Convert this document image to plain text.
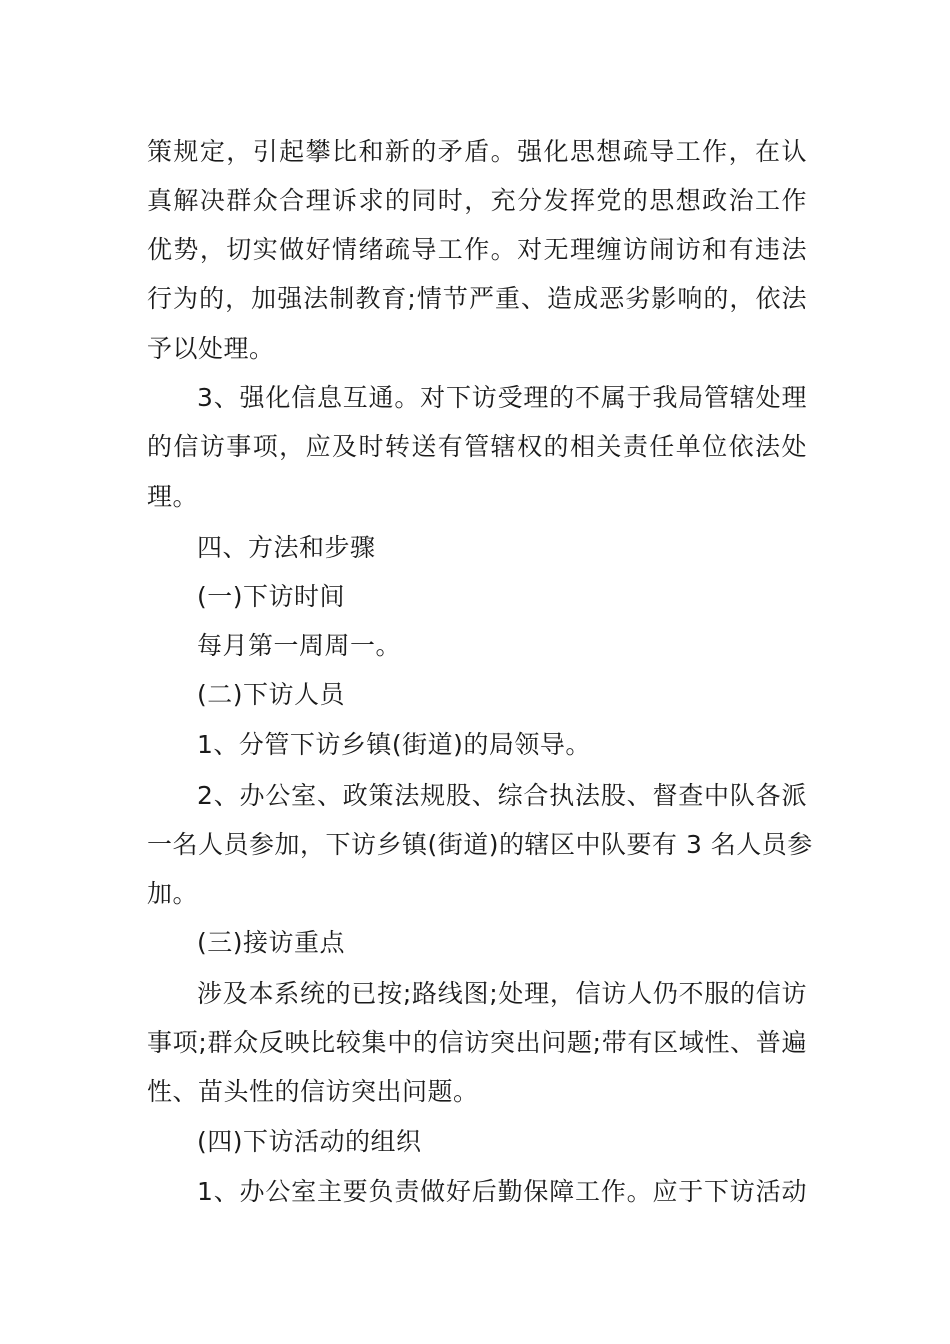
策规定，引起攀比和新的矛盾。强化思想疏导工作，在认
真解决群众合理诉求的同时，充分发挥党的思想政治工作
优势，切实做好情绪疏导工作。对无理缠访闹访和有违法
行为的，加强法制教育;情节严重、造成恶劣影响的，依法
予以处理。
3、强化信息互通。对下访受理的不属于我局管辖处理
的信访事项，应及时转送有管辖权的相关责任单位依法处
理。
四、方法和步骤
(一)下访时间
每月第一周周一。
(二)下访人员
1、分管下访乡镇(街道)的局领导。
2、办公室、政策法规股、综合执法股、督查中队各派
一名人员参加，下访乡镇(街道)的辖区中队要有 3 名人员参
加。
(三)接访重点
涉及本系统的已按;路线图;处理，信访人仍不服的信访
事项;群众反映比较集中的信访突出问题;带有区域性、普遍
性、苗头性的信访突出问题。
(四)下访活动的组织
1、办公室主要负责做好后勤保障工作。应于下访活动
